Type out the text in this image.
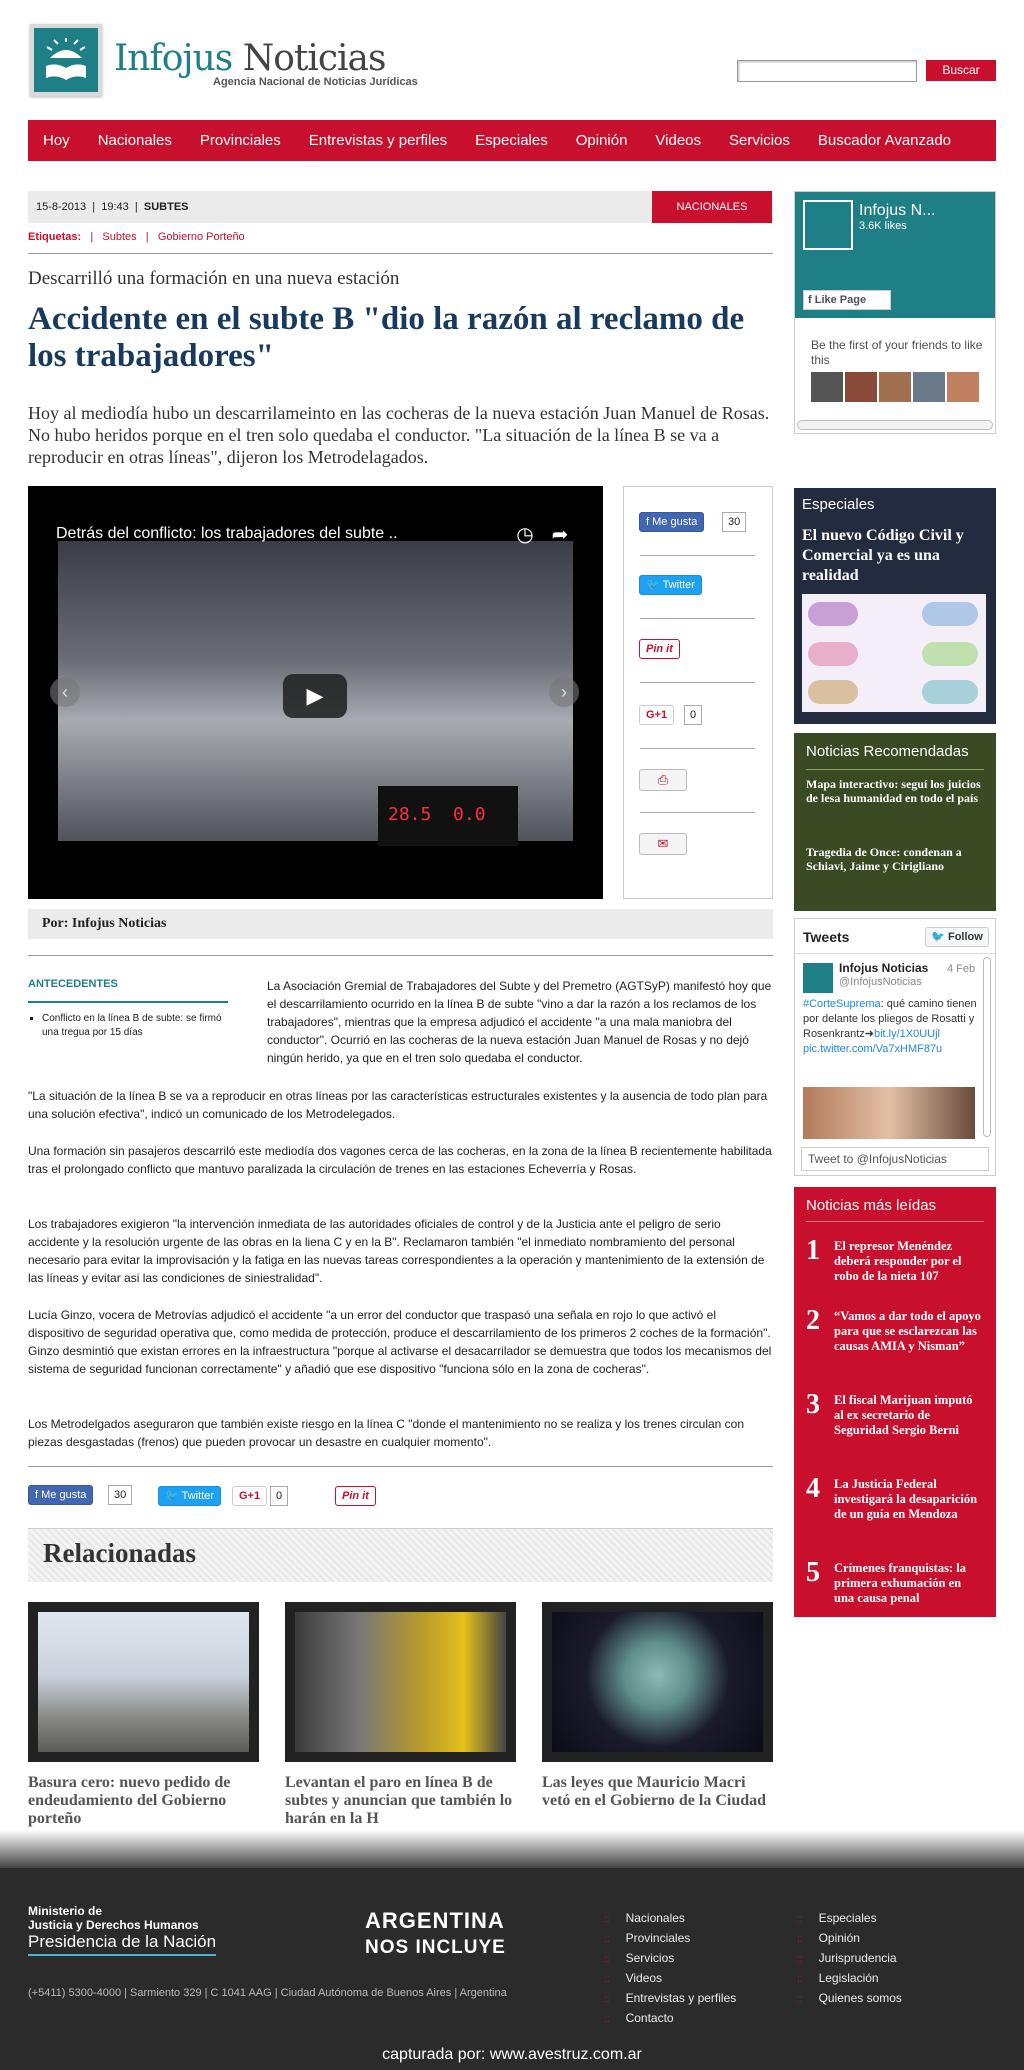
Infojus Noticias
Agencia Nacional de Noticias Jurídicas
Buscar
Hoy Nacionales Provinciales Entrevistas y perfiles Especiales Opinión Videos Servicios Buscador Avanzado
15-8-2013  |  19:43  |  SUBTES	NACIONALES
Etiquetas:   |   Subtes   |   Gobierno Porteño
Descarrilló una formación en una nueva estación
Accidente en el subte B "dio la razón al reclamo de los trabajadores"
Hoy al mediodía hubo un descarrilameinto en las cocheras de la nueva estación Juan Manuel de Rosas. No hubo heridos porque en el tren solo quedaba el conductor. "La situación de la línea B se va a reproducir en otras líneas", dijeron los Metrodelagados.
28.5  0.0
Detrás del conflicto: los trabajadores del subte ..	◷ ➦
‹	›
▶
f Me gusta	30
🐦 Twitter
Pin it
G+1	0
⎙
✉
Por: Infojus Noticias
ANTECEDENTES
▪ Conflicto en la línea B de subte: se firmó una tregua por 15 días
La Asociación Gremial de Trabajadores del Subte y del Premetro (AGTSyP) manifestó hoy que el descarrilamiento ocurrido en la línea B de subte "vino a dar la razón a los reclamos de los trabajadores", mientras que la empresa adjudicó el accidente "a una mala maniobra del conductor". Ocurrió en las cocheras de la nueva estación Juan Manuel de Rosas y no dejó ningún herido, ya que en el tren solo quedaba el conductor.
"La situación de la línea B se va a reproducir en otras líneas por las características estructurales existentes y la ausencia de todo plan para una solución efectiva", indicó un comunicado de los Metrodelegados.
Una formación sin pasajeros descarriló este mediodía dos vagones cerca de las cocheras, en la zona de la línea B recientemente habilitada tras el prolongado conflicto que mantuvo paralizada la circulación de trenes en las estaciones Echeverría y Rosas.
Los trabajadores exigieron "la intervención inmediata de las autoridades oficiales de control y de la Justicia ante el peligro de serio accidente y la resolución urgente de las obras en la liena C y en la B". Reclamaron también "el inmediato nombramiento del personal necesario para evitar la improvisación y la fatiga en las nuevas tareas correspondientes a la operación y mantenimiento de la extensión de las líneas y evitar asi las condiciones de siniestralidad".
Lucía Ginzo, vocera de Metrovías adjudicó el accidente "a un error del conductor que traspasó una señala en rojo lo que activó el dispositivo de seguridad operativa que, como medida de protección, produce el descarrilamiento de los primeros 2 coches de la formación". Ginzo desmintió que existan errores en la infraestructura "porque al activarse el desacarrilador se demuestra que todos los mecanismos del sistema de seguridad funcionan correctamente" y añadió que ese dispositivo "funciona sólo en la zona de cocheras".
Los Metrodelgados aseguraron que también existe riesgo en la línea C "donde el mantenimiento no se realiza y los trenes circulan con piezas desgastadas (frenos) que pueden provocar un desastre en cualquier momento".
f Me gusta	30	🐦 Twitter	G+1	0	Pin it
Relacionadas
Basura cero: nuevo pedido de endeudamiento del Gobierno porteño
Levantan el paro en línea B de subtes y anuncian que también lo harán en la H
Las leyes que Mauricio Macri vetó en el Gobierno de la Ciudad
Infojus N...
3.6K likes
f Like Page
Be the first of your friends to like this
Especiales
El nuevo Código Civil y Comercial ya es una realidad
Noticias Recomendadas
Mapa interactivo: seguí los juicios de lesa humanidad en todo el país
Tragedia de Once: condenan a Schiavi, Jaime y Cirigliano
Tweets	🐦 Follow
Infojus Noticias
@InfojusNoticias
4 Feb
#CorteSuprema: qué camino tienen por delante los pliegos de Rosatti y Rosenkrantz➜bit.ly/1X0UUjl pic.twitter.com/Va7xHMF87u
Tweet to @InfojusNoticias
Noticias más leídas
1 El represor Menéndez deberá responder por el robo de la nieta 107
2 “Vamos a dar todo el apoyo para que se esclarezcan las causas AMIA y Nisman”
3 El fiscal Marijuan imputó al ex secretario de Seguridad Sergio Berni
4 La Justicia Federal investigará la desaparición de un guía en Mendoza
5 Crímenes franquistas: la primera exhumación en una causa penal
Ministerio de
Justicia y Derechos Humanos
Presidencia de la Nación
ARGENTINA
NOS INCLUYE
(+5411) 5300-4000 | Sarmiento 329 | C 1041 AAG | Ciudad Autónoma de Buenos Aires | Argentina
:: Nacionales
:: Provinciales
:: Servicios
:: Videos
:: Entrevistas y perfiles
:: Contacto
:: Especiales
:: Opinión
:: Jurisprudencia
:: Legislación
:: Quienes somos
capturada por: www.avestruz.com.ar
